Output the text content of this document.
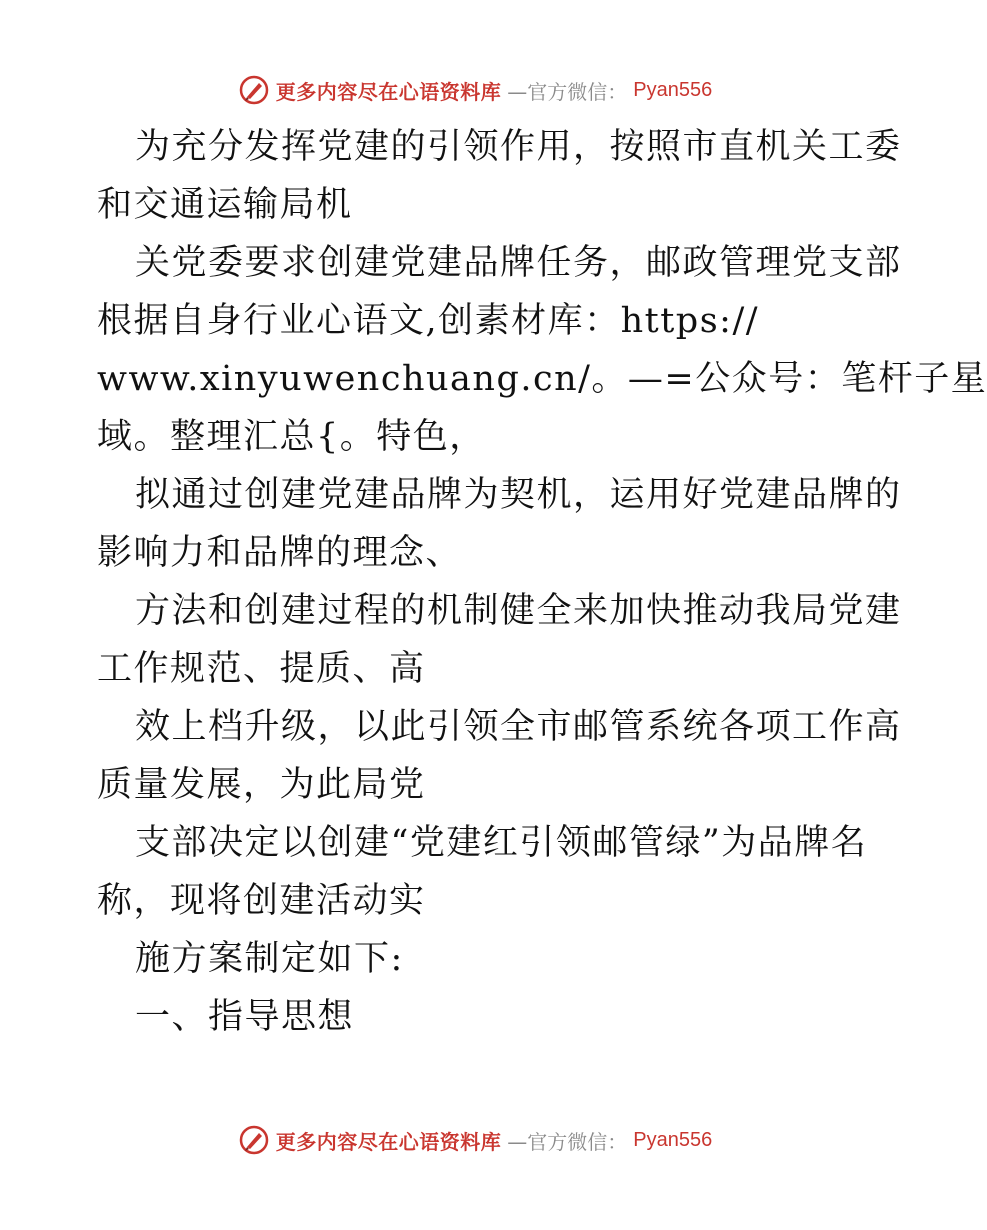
更多内容尽在心语资料库 —官方微信： Pyan556
为充分发挥党建的引领作用，按照市直机关工委
和交通运输局机
关党委要求创建党建品牌任务，邮政管理党支部
根据自身行业心语文,创素材库：https://
www.xinyuwenchuang.cn/。—=公众号：笔杆子星
域。整理汇总{。特色，
拟通过创建党建品牌为契机，运用好党建品牌的
影响力和品牌的理念、
方法和创建过程的机制健全来加快推动我局党建
工作规范、提质、高
效上档升级，以此引领全市邮管系统各项工作高
质量发展，为此局党
支部决定以创建“党建红引领邮管绿”为品牌名
称，现将创建活动实
施方案制定如下:
一、指导思想
更多内容尽在心语资料库 —官方微信： Pyan556
